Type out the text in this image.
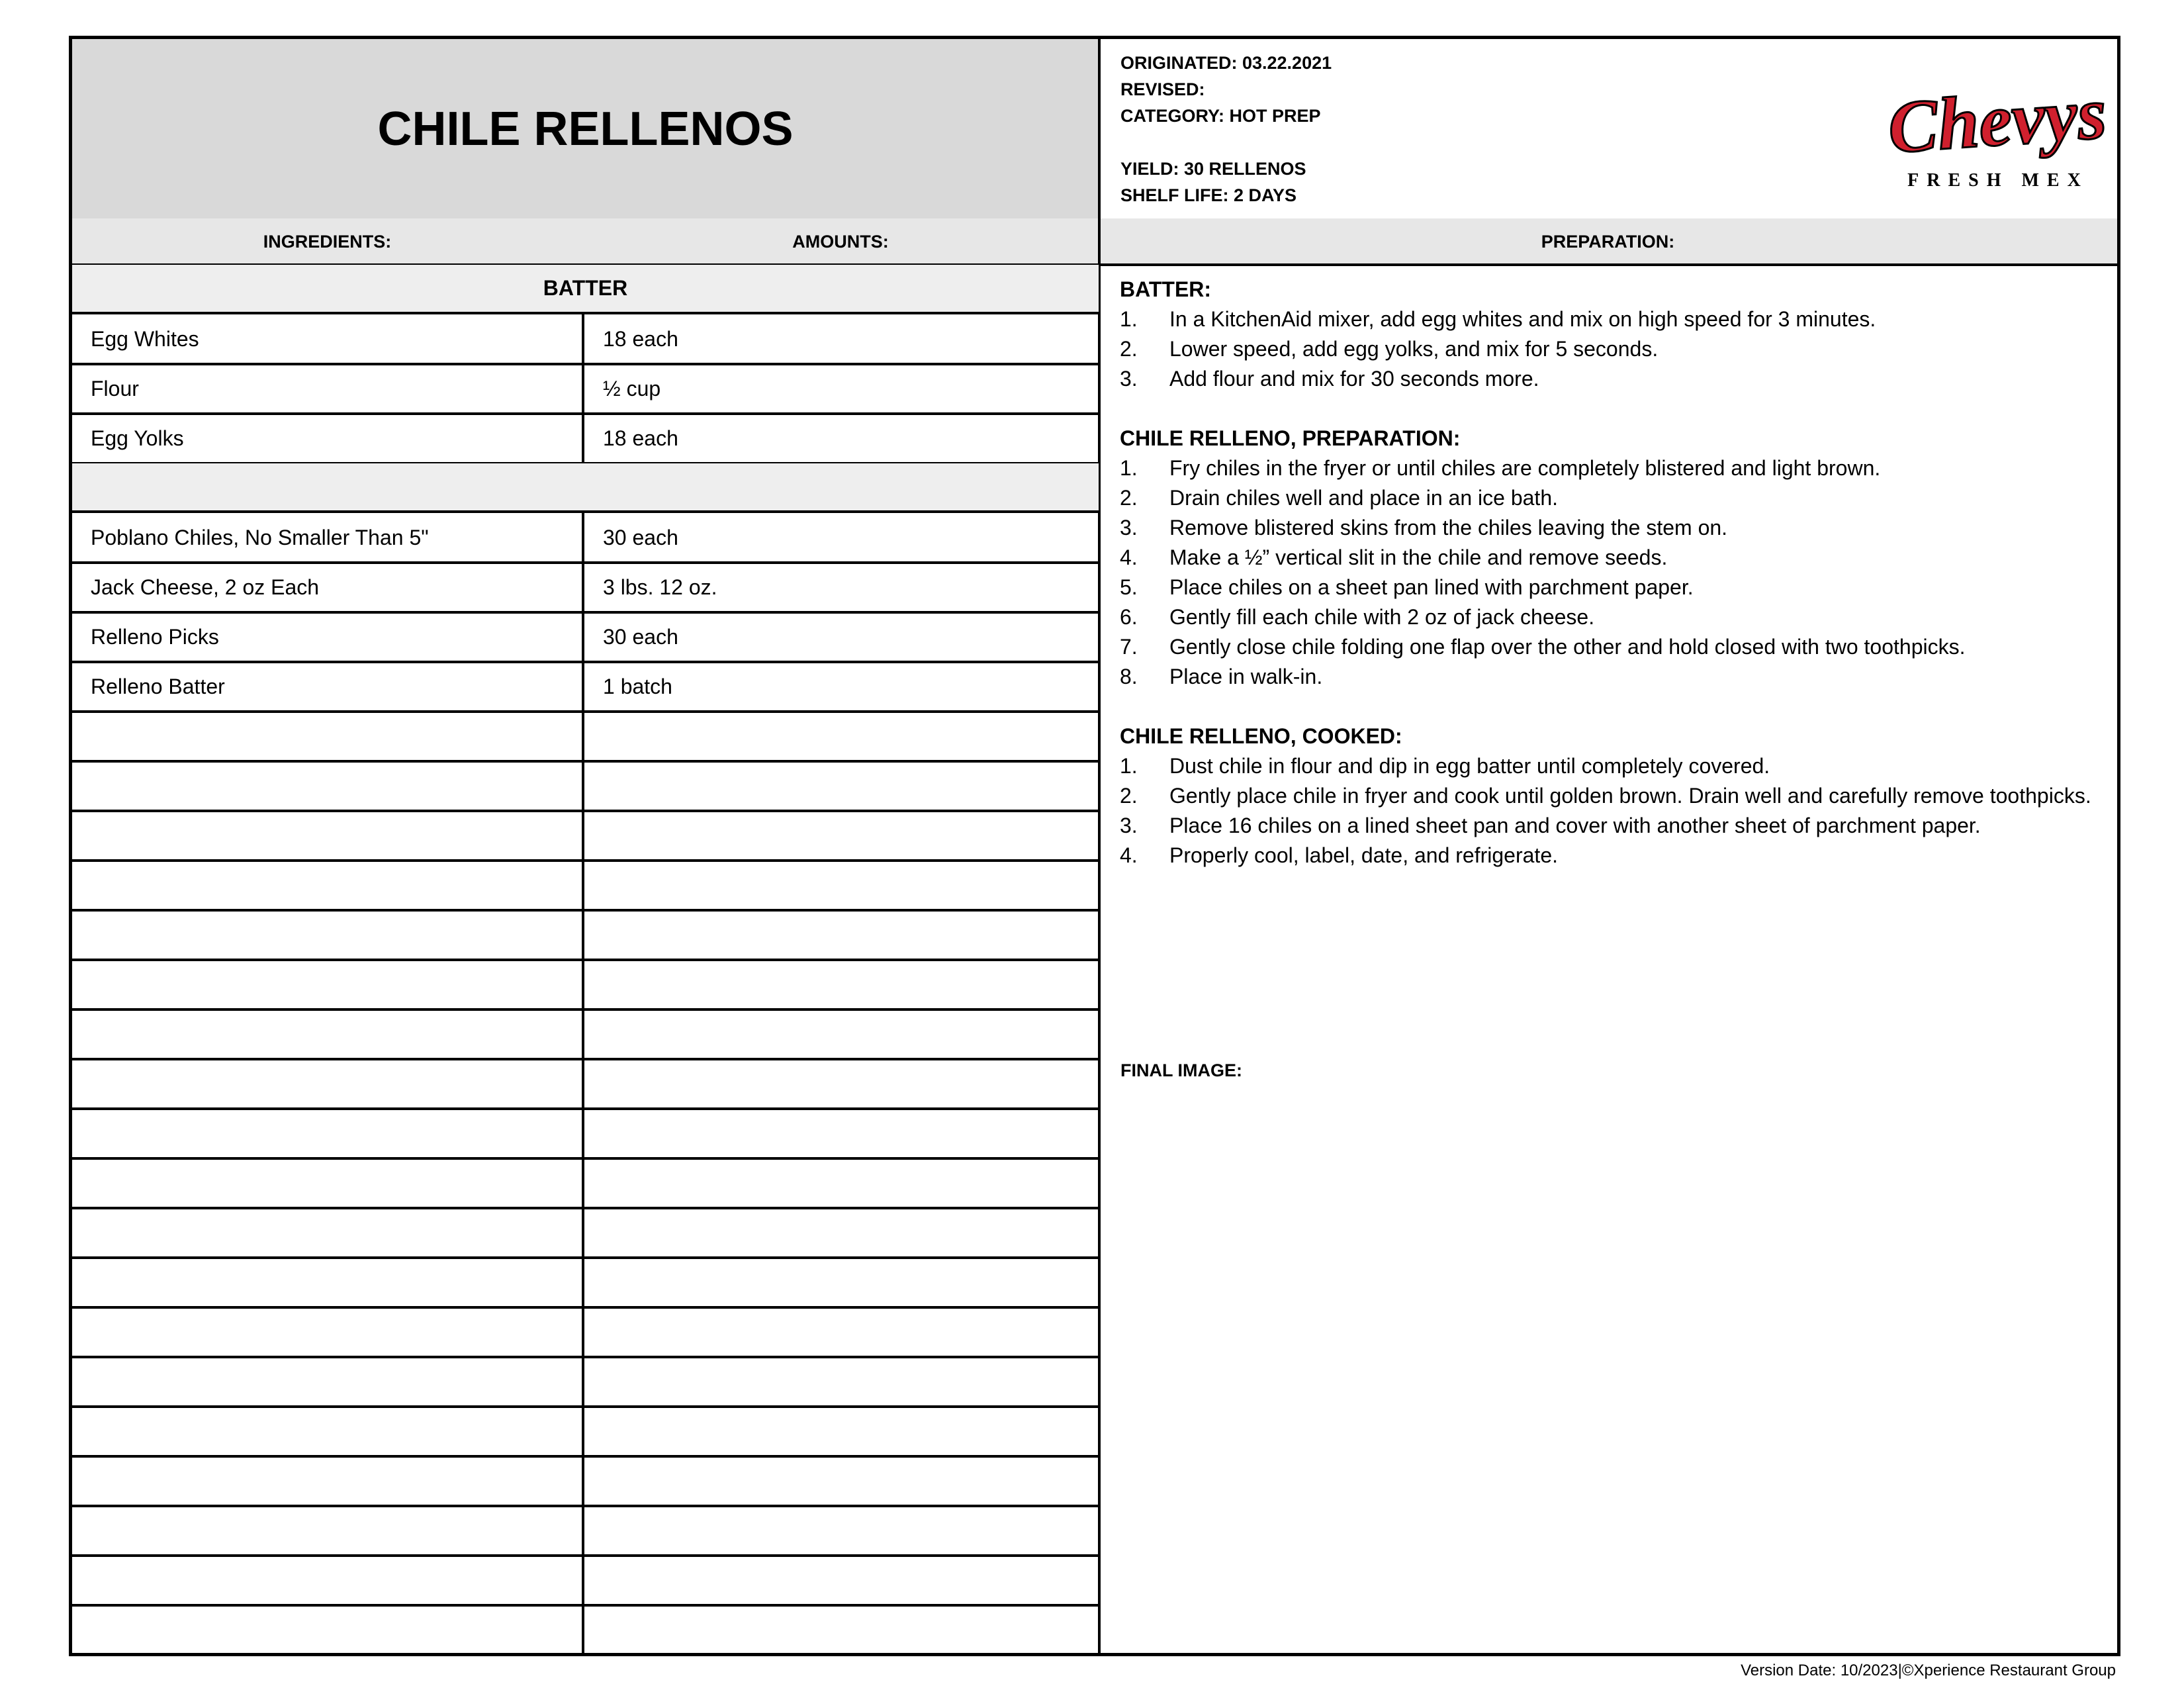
CHILE RELLENOS
ORIGINATED: 03.22.2021
REVISED:
CATEGORY: HOT PREP
YIELD: 30 RELLENOS
SHELF LIFE: 2 DAYS
Chevys
FRESH MEX
INGREDIENTS:	AMOUNTS:	PREPARATION:
BATTER
Egg Whites	18 each
Flour	½ cup
Egg Yolks	18 each
Poblano Chiles, No Smaller Than 5"	30 each
Jack Cheese, 2 oz Each	3 lbs. 12 oz.
Relleno Picks	30 each
Relleno Batter	1 batch
BATTER:
1.	In a KitchenAid mixer, add egg whites and mix on high speed for 3 minutes.
2.	Lower speed, add egg yolks, and mix for 5 seconds.
3.	Add flour and mix for 30 seconds more.
CHILE RELLENO, PREPARATION:
1.	Fry chiles in the fryer or until chiles are completely blistered and light brown.
2.	Drain chiles well and place in an ice bath.
3.	Remove blistered skins from the chiles leaving the stem on.
4.	Make a ½” vertical slit in the chile and remove seeds.
5.	Place chiles on a sheet pan lined with parchment paper.
6.	Gently fill each chile with 2 oz of jack cheese.
7.	Gently close chile folding one flap over the other and hold closed with two toothpicks.
8.	Place in walk-in.
CHILE RELLENO, COOKED:
1.	Dust chile in flour and dip in egg batter until completely covered.
2.	Gently place chile in fryer and cook until golden brown. Drain well and carefully remove toothpicks.
3.	Place 16 chiles on a lined sheet pan and cover with another sheet of parchment paper.
4.	Properly cool, label, date, and refrigerate.
FINAL IMAGE:
Version Date: 10/2023|©Xperience Restaurant Group
